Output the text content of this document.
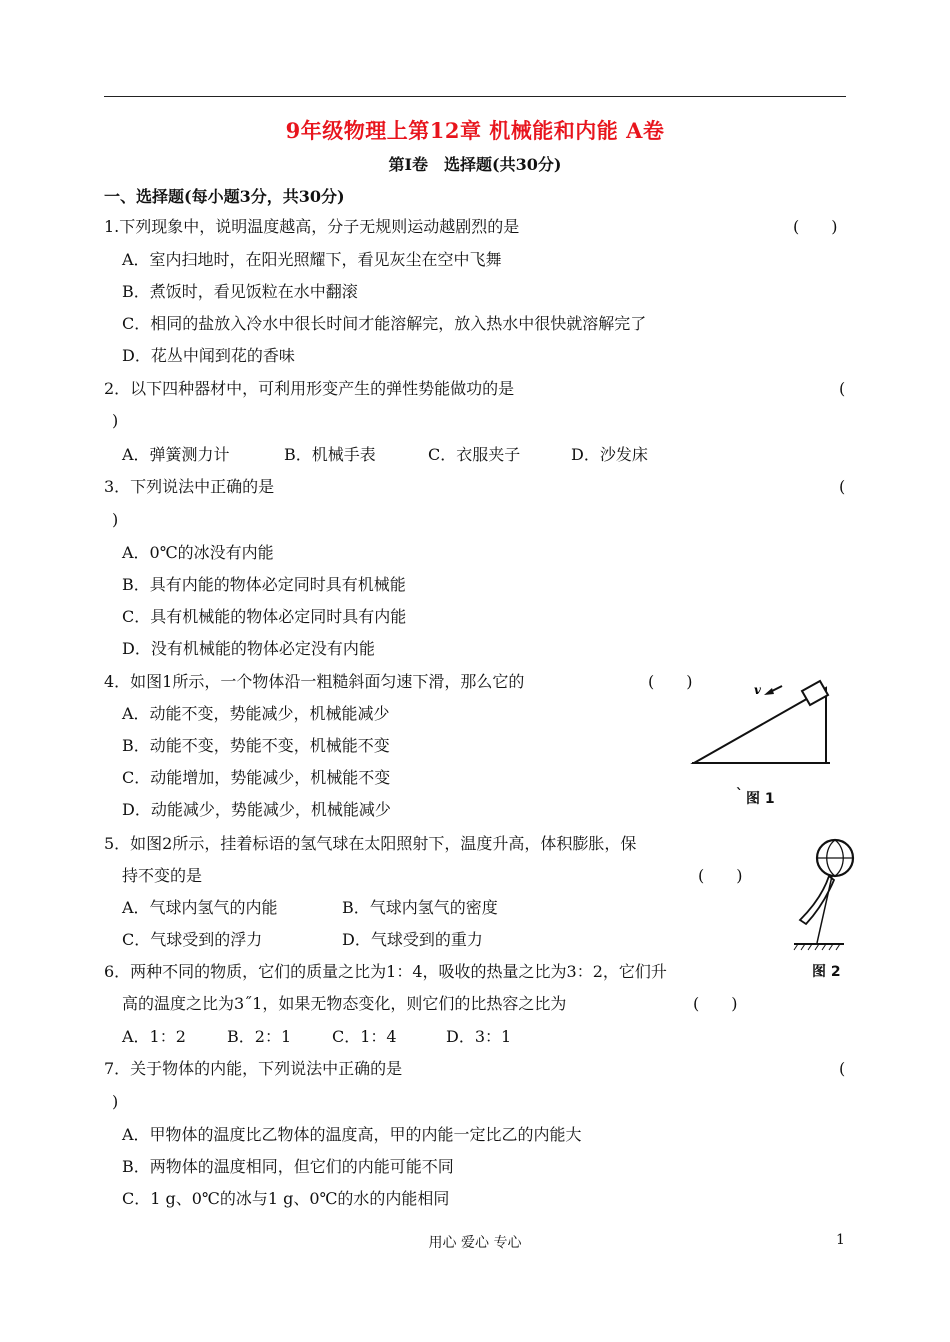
9年级物理上第12章 机械能和内能 A卷
第Ⅰ卷　选择题(共30分)
一、选择题(每小题3分，共30分)
1.下列现象中，说明温度越高，分子无规则运动越剧烈的是	(　　)
A．室内扫地时，在阳光照耀下，看见灰尘在空中飞舞
B．煮饭时，看见饭粒在水中翻滚
C．相同的盐放入冷水中很长时间才能溶解完，放入热水中很快就溶解完了
D．花丛中闻到花的香味
2．以下四种器材中，可利用形变产生的弹性势能做功的是	(
)
A．弹簧测力计	B．机械手表	C．衣服夹子	D．沙发床
3．下列说法中正确的是	(
)
A．0℃的冰没有内能
B．具有内能的物体必定同时具有机械能
C．具有机械能的物体必定同时具有内能
D．没有机械能的物体必定没有内能
4．如图1所示，一个物体沿一粗糙斜面匀速下滑，那么它的	(　　)
A．动能不变，势能减少，机械能减少
B．动能不变，势能不变，机械能不变
C．动能增加，势能减少，机械能不变
D．动能减少，势能减少，机械能减少
v
` 图 1
5．如图2所示，挂着标语的氢气球在太阳照射下，温度升高，体积膨胀，保
持不变的是	(　　)
A．气球内氢气的内能	B．气球内氢气的密度
C．气球受到的浮力	D．气球受到的重力
图 2
6．两种不同的物质，它们的质量之比为1：4，吸收的热量之比为3：2，它们升
高的温度之比为3˝1，如果无物态变化，则它们的比热容之比为	(　　)
A．1：2	B．2：1	C．1：4	D．3：1
7．关于物体的内能，下列说法中正确的是	(
)
A．甲物体的温度比乙物体的温度高，甲的内能一定比乙的内能大
B．两物体的温度相同，但它们的内能可能不同
C．1 g、0℃的冰与1 g、0℃的水的内能相同
用心 爱心 专心	1
